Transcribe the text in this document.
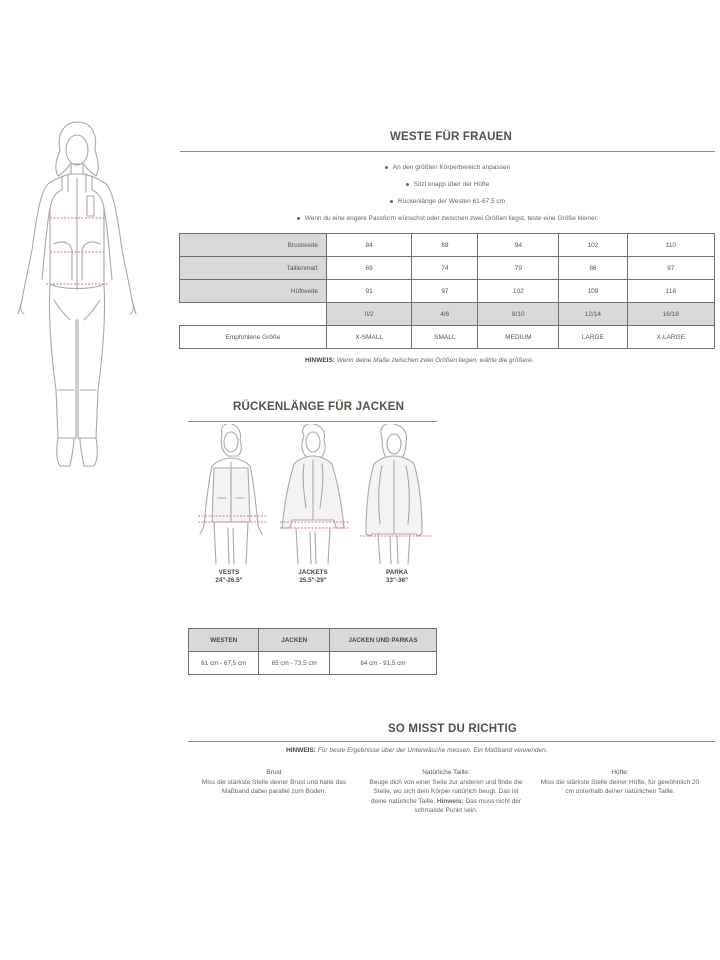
WESTE FÜR FRAUEN
An den größten Körperbereich anpassen
Sitzt knapp über der Hüfte
Rückenlänge der Westen 61-67,5 cm
Wenn du eine engere Passform wünschst oder zwischen zwei Größen liegst, teste eine Größe kleiner.
Brustweite	84	89	94	102	110
Taillenmaß	69	74	79	86	97
Hüftweite	91	97	102	109	118
	0/2	4/6	8/10	12/14	16/18
Empfohlene Größe	X-SMALL	SMALL	MEDIUM	LARGE	X-LARGE
HINWEIS: Wenn deine Maße zwischen zwei Größen liegen, wähle die größere.
RÜCKENLÄNGE FÜR JACKEN
VESTS
24"-26.5"
JACKETS
25.5"-29"
PARKA
33"-36"
WESTEN	JACKEN	JACKEN UND PARKAS
61 cm - 67,5 cm	65 cm - 73,5 cm	84 cm - 91,5 cm
SO MISST DU RICHTIG
HINWEIS: Für beste Ergebnisse über der Unterwäsche messen. Ein Maßband verwenden.
Brust
Miss die stärkste Stelle deiner Brust und halte das Maßband dabei parallel zum Boden.
Natürliche Taille:
Beuge dich von einer Seite zur anderen und finde die Stelle, wo sich dein Körper natürlich beugt. Das ist deine natürliche Taille. Hinweis: Das muss nicht der schmalste Punkt sein.
Hüfte:
Miss die stärkste Stelle deiner Hüfte, für gewöhnlich 20 cm unterhalb deiner natürlichen Taille.
